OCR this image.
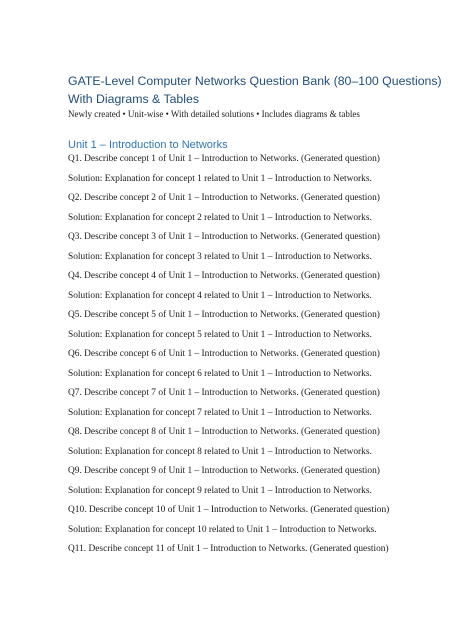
GATE-Level Computer Networks Question Bank (80–100 Questions)
With Diagrams & Tables

Newly created • Unit-wise • With detailed solutions • Includes diagrams & tables

Unit 1 – Introduction to Networks
Q1. Describe concept 1 of Unit 1 – Introduction to Networks. (Generated question)
Solution: Explanation for concept 1 related to Unit 1 – Introduction to Networks.
Q2. Describe concept 2 of Unit 1 – Introduction to Networks. (Generated question)
Solution: Explanation for concept 2 related to Unit 1 – Introduction to Networks.
Q3. Describe concept 3 of Unit 1 – Introduction to Networks. (Generated question)
Solution: Explanation for concept 3 related to Unit 1 – Introduction to Networks.
Q4. Describe concept 4 of Unit 1 – Introduction to Networks. (Generated question)
Solution: Explanation for concept 4 related to Unit 1 – Introduction to Networks.
Q5. Describe concept 5 of Unit 1 – Introduction to Networks. (Generated question)
Solution: Explanation for concept 5 related to Unit 1 – Introduction to Networks.
Q6. Describe concept 6 of Unit 1 – Introduction to Networks. (Generated question)
Solution: Explanation for concept 6 related to Unit 1 – Introduction to Networks.
Q7. Describe concept 7 of Unit 1 – Introduction to Networks. (Generated question)
Solution: Explanation for concept 7 related to Unit 1 – Introduction to Networks.
Q8. Describe concept 8 of Unit 1 – Introduction to Networks. (Generated question)
Solution: Explanation for concept 8 related to Unit 1 – Introduction to Networks.
Q9. Describe concept 9 of Unit 1 – Introduction to Networks. (Generated question)
Solution: Explanation for concept 9 related to Unit 1 – Introduction to Networks.
Q10. Describe concept 10 of Unit 1 – Introduction to Networks. (Generated question)
Solution: Explanation for concept 10 related to Unit 1 – Introduction to Networks.
Q11. Describe concept 11 of Unit 1 – Introduction to Networks. (Generated question)
